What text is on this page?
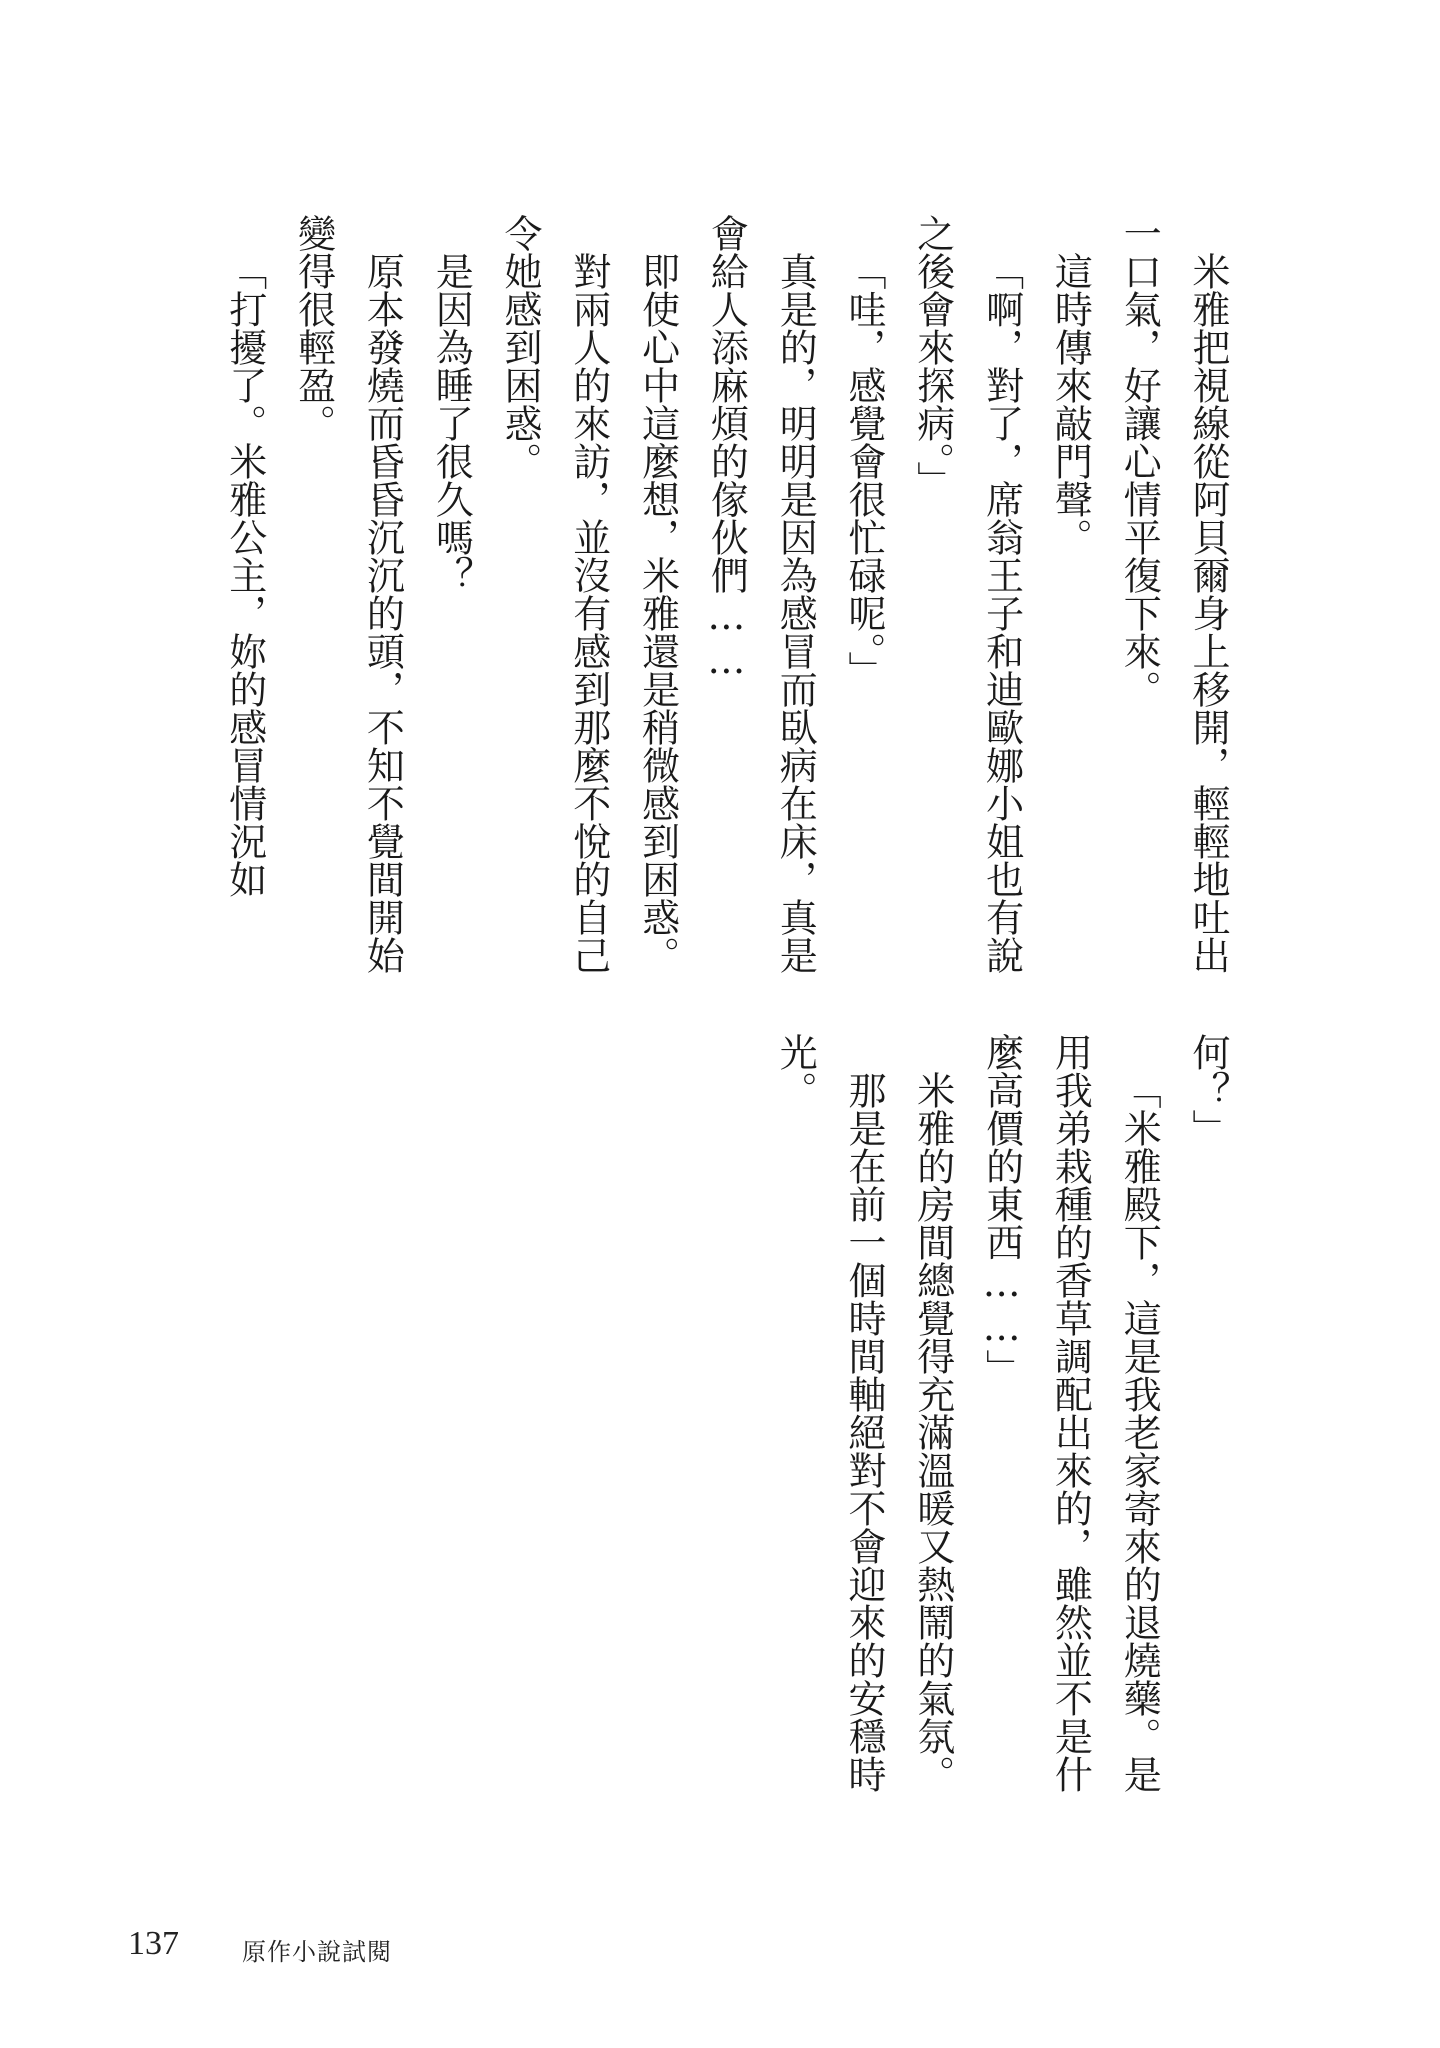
米雅把視線從阿貝爾身上移開，輕輕地吐出
一口氣，好讓心情平復下來。
這時傳來敲門聲。
「啊，對了，席翁王子和迪歐娜小姐也有說
之後會來探病。」
「哇，感覺會很忙碌呢。」
真是的，明明是因為感冒而臥病在床，真是
會給人添麻煩的傢伙們……
即使心中這麼想，米雅還是稍微感到困惑。
對兩人的來訪，並沒有感到那麼不悅的自己
令她感到困惑。
是因為睡了很久嗎？
原本發燒而昏昏沉沉的頭，不知不覺間開始
變得很輕盈。
「打擾了。米雅公主，妳的感冒情況如
何？」
「米雅殿下，這是我老家寄來的退燒藥。是
用我弟栽種的香草調配出來的，雖然並不是什
麼高價的東西……」
米雅的房間總覺得充滿溫暖又熱鬧的氣氛。
那是在前一個時間軸絕對不會迎來的安穩時
光。
137	原作小說試閱
